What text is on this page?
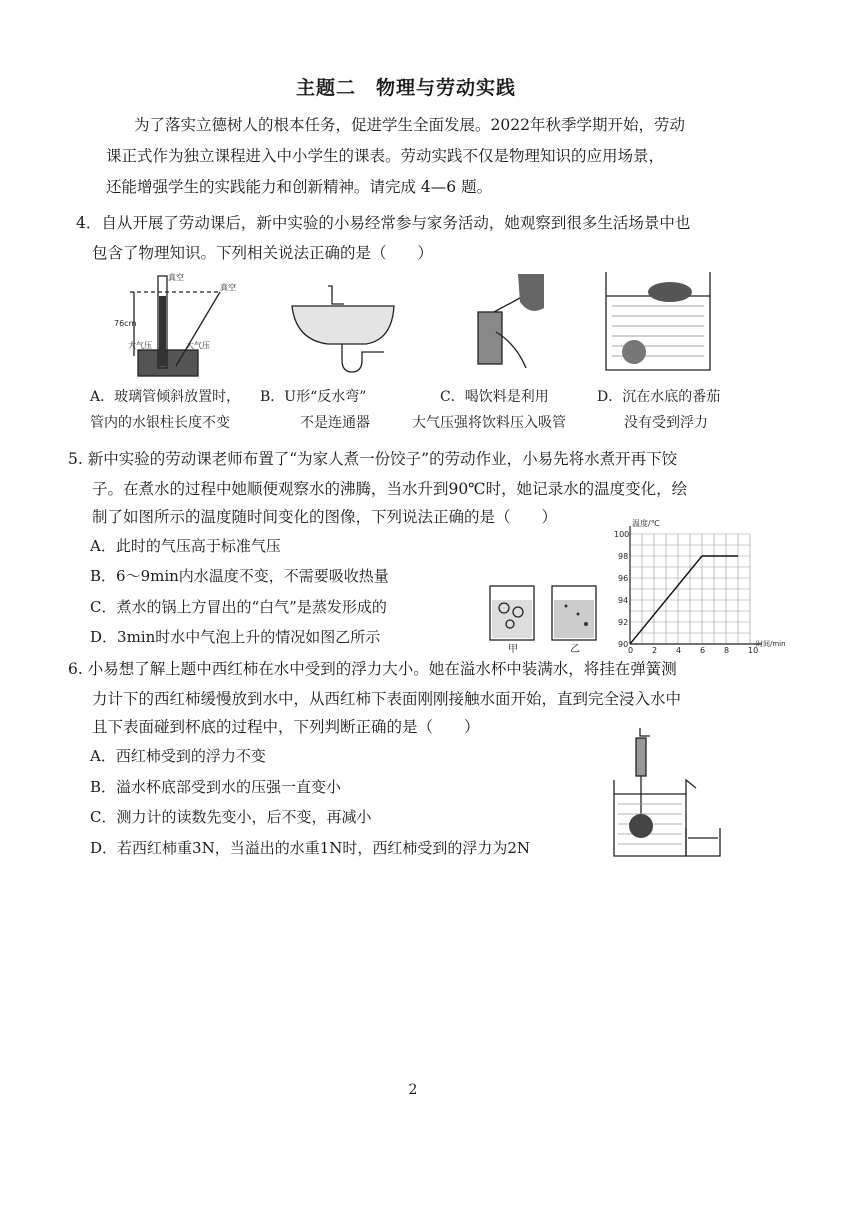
主题二　物理与劳动实践
为了落实立德树人的根本任务，促进学生全面发展。2022年秋季学期开始，劳动
课正式作为独立课程进入中小学生的课表。劳动实践不仅是物理知识的应用场景，
还能增强学生的实践能力和创新精神。请完成 4—6 题。
4．自从开展了劳动课后，新中实验的小易经常参与家务活动，她观察到很多生活场景中也
包含了物理知识。下列相关说法正确的是（　　）
真空
真空
76cm
大气压	大气压
A．玻璃管倾斜放置时，
管内的水银柱长度不变
B．U形“反水弯”
不是连通器
C．喝饮料是利用
大气压强将饮料压入吸管
D．沉在水底的番茄
没有受到浮力
5. 新中实验的劳动课老师布置了“为家人煮一份饺子”的劳动作业，小易先将水煮开再下饺
子。在煮水的过程中她顺便观察水的沸腾，当水升到90℃时，她记录水的温度变化，绘
制了如图所示的温度随时间变化的图像，下列说法正确的是（　　）
A．此时的气压高于标准气压
B．6～9min内水温度不变，不需要吸收热量
C．煮水的锅上方冒出的“白气”是蒸发形成的
D．3min时水中气泡上升的情况如图乙所示
甲	乙	0 2 4 6 8 10
90
92
94
96
98
100
温度/℃
时间/min
6. 小易想了解上题中西红柿在水中受到的浮力大小。她在溢水杯中装满水，将挂在弹簧测
力计下的西红柿缓慢放到水中，从西红柿下表面刚刚接触水面开始，直到完全浸入水中
且下表面碰到杯底的过程中，下列判断正确的是（　　）
A．西红柿受到的浮力不变
B．溢水杯底部受到水的压强一直变小
C．测力计的读数先变小，后不变，再减小
D．若西红柿重3N，当溢出的水重1N时，西红柿受到的浮力为2N
2
